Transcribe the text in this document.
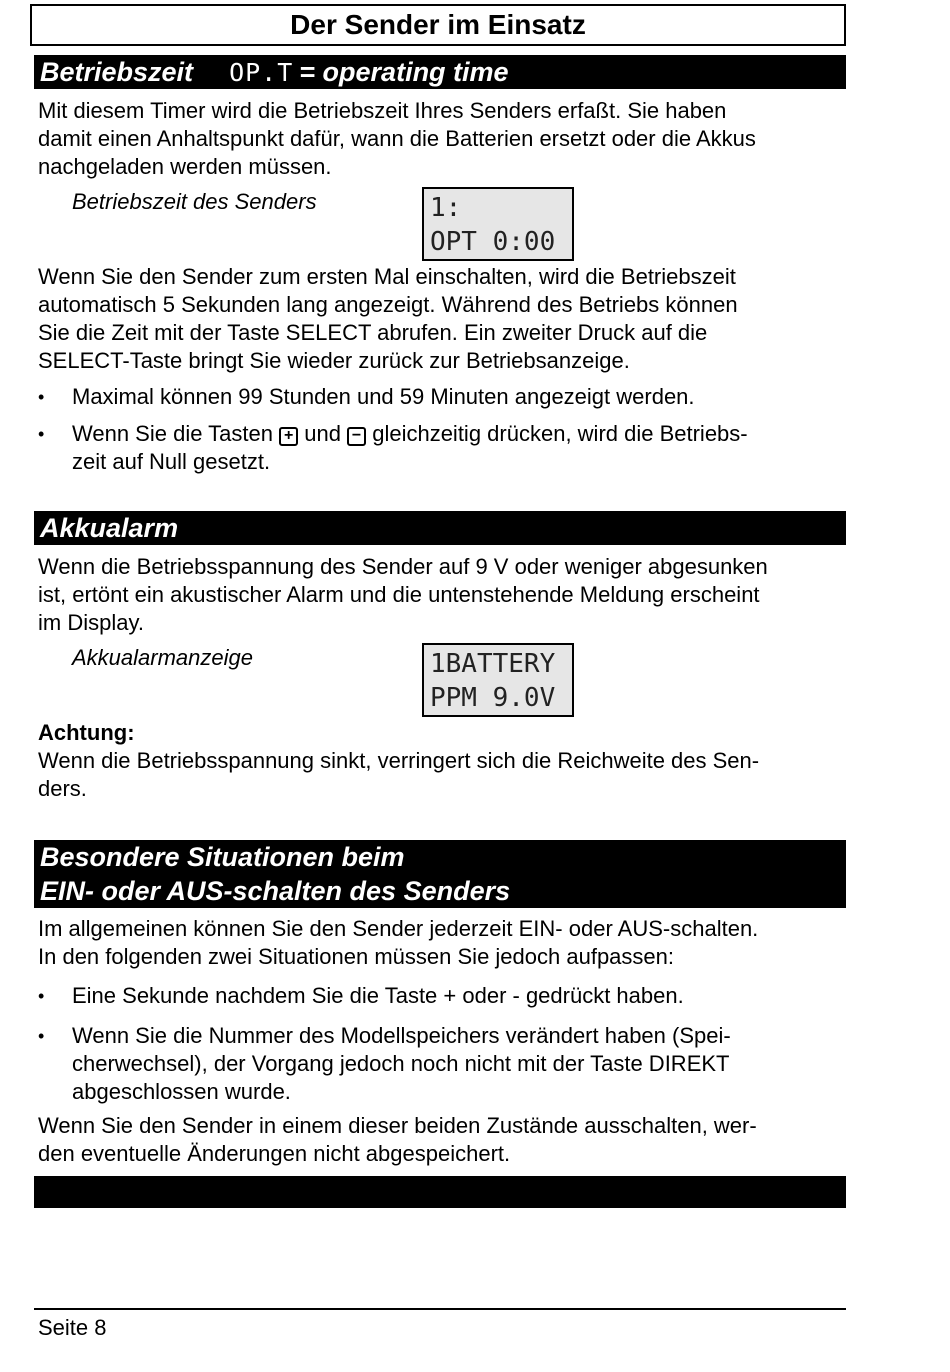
Der Sender im Einsatz
Betriebszeit OP.T = operating time
Mit diesem Timer wird die Betriebszeit Ihres Senders erfaßt. Sie haben
damit einen Anhaltspunkt dafür, wann die Batterien ersetzt oder die Akkus
nachgeladen werden müssen.
Betriebszeit des Senders	1:
OPT 0:00
Wenn Sie den Sender zum ersten Mal einschalten, wird die Betriebszeit
automatisch 5 Sekunden lang angezeigt. Während des Betriebs können
Sie die Zeit mit der Taste SELECT abrufen. Ein zweiter Druck auf die
SELECT-Taste bringt Sie wieder zurück zur Betriebsanzeige.
•	Maximal können 99 Stunden und 59 Minuten angezeigt werden.
•	Wenn Sie die Tasten + und − gleichzeitig drücken, wird die Betriebs-
zeit auf Null gesetzt.
Akkualarm
Wenn die Betriebsspannung des Sender auf 9 V oder weniger abgesunken
ist, ertönt ein akustischer Alarm und die untenstehende Meldung erscheint
im Display.
Akkualarmanzeige	1BATTERY
PPM 9.0V
Achtung:
Wenn die Betriebsspannung sinkt, verringert sich die Reichweite des Sen-
ders.
Besondere Situationen beim
EIN- oder AUS-schalten des Senders
Im allgemeinen können Sie den Sender jederzeit EIN- oder AUS-schalten.
In den folgenden zwei Situationen müssen Sie jedoch aufpassen:
•	Eine Sekunde nachdem Sie die Taste + oder - gedrückt haben.
•	Wenn Sie die Nummer des Modellspeichers verändert haben (Spei-
cherwechsel), der Vorgang jedoch noch nicht mit der Taste DIREKT
abgeschlossen wurde.
Wenn Sie den Sender in einem dieser beiden Zustände ausschalten, wer-
den eventuelle Änderungen nicht abgespeichert.
Seite 8
